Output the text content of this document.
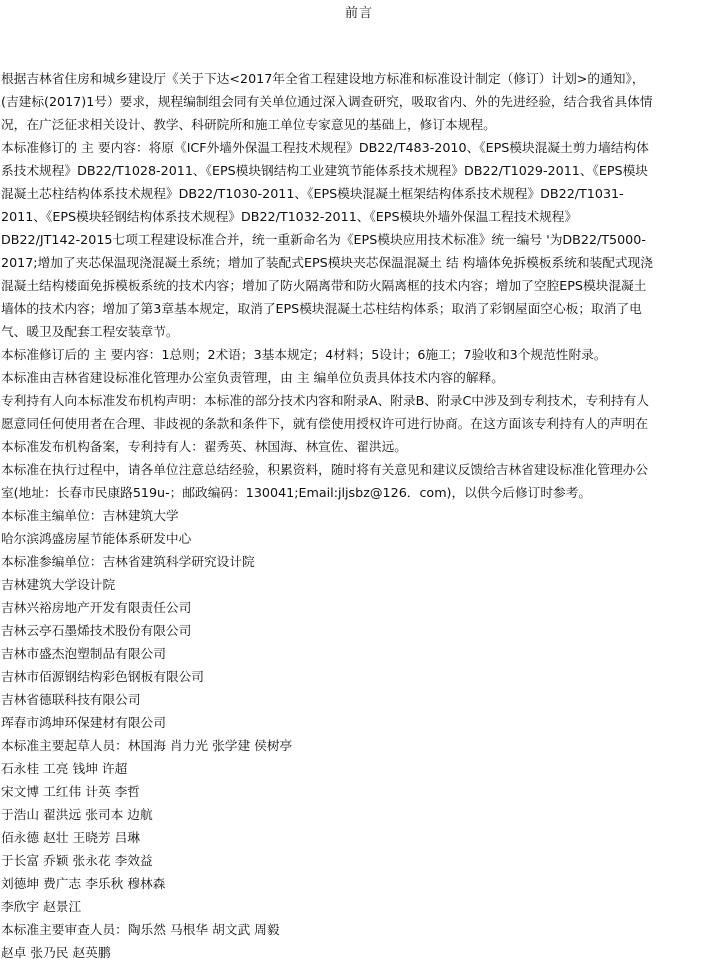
前言

根据吉林省住房和城乡建设厅《关于下达<2017年全省工程建设地方标准和标准设计制定（修订）计划>的通知》，
(吉建标(2017)1号）要求，规程编制组会同有关单位通过深入调查研究，吸取省内、外的先进经验，结合我省具体情
况，在广泛征求相关设计、教学、科研院所和施工单位专家意见的基础上，修订本规程。

本标准修订的 主 要内容：将原《ICF外墙外保温工程技术规程》DB22/T483-2010、《EPS模块混凝土剪力墙结构体
系技术规程》DB22/T1028-2011、《EPS模块钢结构工业建筑节能体系技术规程》DB22/T1029-2011、《EPS模块
混凝土芯柱结构体系技术规程》DB22/T1030-2011、《EPS模块混凝土框架结构体系技术规程》DB22/T1031-
2011、《EPS模块轻钢结构体系技术规程》DB22/T1032-2011、《EPS模块外墙外保温工程技术规程》
DB22/JT142-2015七项工程建设标准合并，统一重新命名为《EPS模块应用技术标准》统一编号 '为DB22/T5000-
2017;增加了夹芯保温现浇混凝土系统；增加了装配式EPS模块夹芯保温混凝土 结 构墙体免拆模板系统和装配式现浇
混凝土结构楼面免拆模板系统的技术内容；增加了防火隔离带和防火隔离框的技术内容；增加了空腔EPS模块混凝土
墙体的技术内容；增加了第3章基本规定，取消了EPS模块混凝土芯柱结构体系；取消了彩钢屋面空心板；取消了电
气、暖卫及配套工程安装章节。

本标准修订后的 主 要内容：1总则；2术语；3基本规定；4材料；5设计；6施工；7验收和3个规范性附录。

本标准由吉林省建设标准化管理办公室负责管理，由 主 编单位负责具体技术内容的解释。

专利持有人向本标准发布机构声明：本标准的部分技术内容和附录A、附录B、附录C中涉及到专利技术，专利持有人
愿意同任何使用者在合理、非歧视的条款和条件下，就有偿使用授权许可进行协商。在这方面该专利持有人的声明在
本标准发布机构备案，专利持有人：翟秀英、林国海、林宣佐、翟洪远。

本标准在执行过程中，请各单位注意总结经验，积累资料，随时将有关意见和建议反馈给吉林省建设标准化管理办公
室(地址：长春市民康路519u-；邮政编码：130041;Email:jljsbz@126．com)，以供今后修订时参考。

本标准主编单位：吉林建筑大学

哈尔滨鸿盛房屋节能体系研发中心

本标准参编单位：吉林省建筑科学研究设计院

吉林建筑大学设计院

吉林兴裕房地产开发有限责任公司

吉林云亭石墨烯技术股份有限公司

吉林市盛杰泡塑制品有限公司

吉林市佰源钢结构彩色钢板有限公司

吉林省德联科技有限公司

珲春市鸿坤环保建材有限公司

本标准主要起草人员：林国海 肖力光 张学建 侯树亭

石永桂 工亮 钱坤 许超

宋文博 工红伟 计英 李哲

于浩山 翟洪远 张司本 边航

佰永德 赵壮 王晓芳 吕琳

于长富 乔颖 张永花 李效益

刘德坤 费广志 李乐秋 穆林森

李欣宇 赵景江

本标准主要审查人员：陶乐然 马根华 胡文武 周毅

赵卓 张乃民 赵英鹏
